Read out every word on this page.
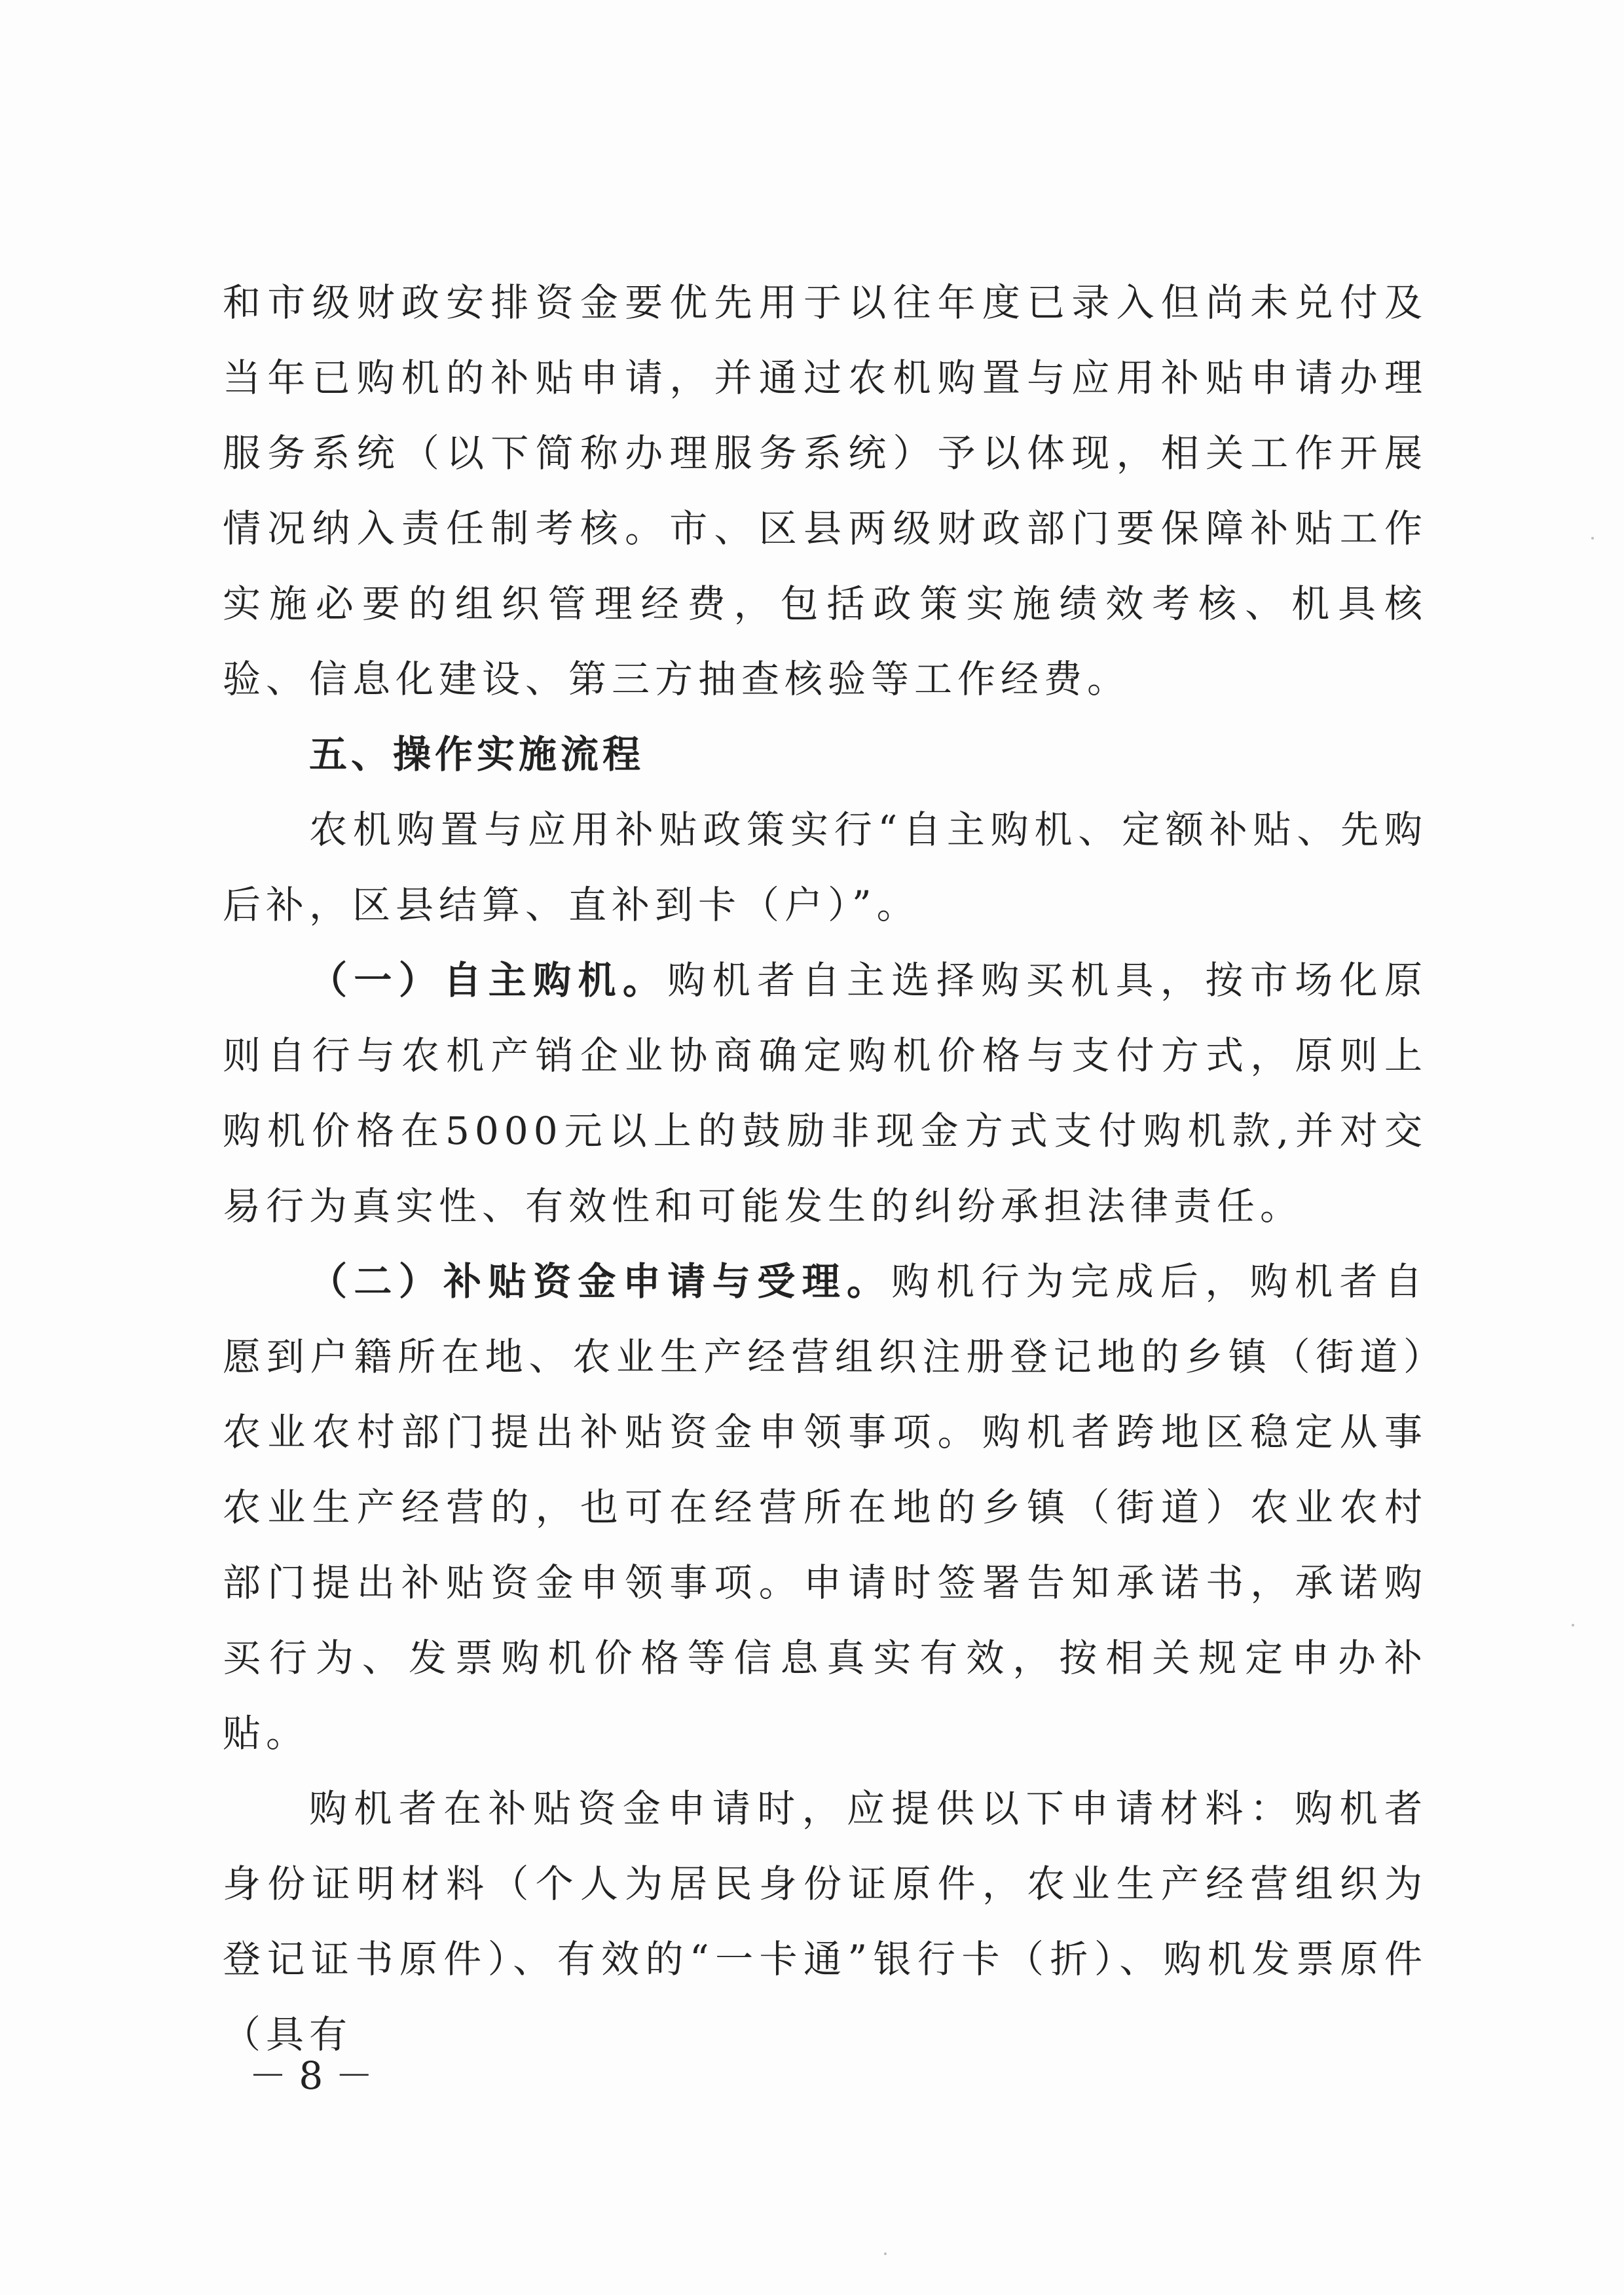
和市级财政安排资金要优先用于以往年度已录入但尚未兑付及当年已购机的补贴申请，并通过农机购置与应用补贴申请办理服务系统（以下简称办理服务系统）予以体现，相关工作开展情况纳入责任制考核。市、区县两级财政部门要保障补贴工作实施必要的组织管理经费，包括政策实施绩效考核、机具核验、信息化建设、第三方抽查核验等工作经费。

五、操作实施流程

农机购置与应用补贴政策实行“自主购机、定额补贴、先购后补，区县结算、直补到卡（户）”。

（一）自主购机。购机者自主选择购买机具，按市场化原则自行与农机产销企业协商确定购机价格与支付方式，原则上购机价格在5000元以上的鼓励非现金方式支付购机款,并对交易行为真实性、有效性和可能发生的纠纷承担法律责任。

（二）补贴资金申请与受理。购机行为完成后，购机者自愿到户籍所在地、农业生产经营组织注册登记地的乡镇（街道）农业农村部门提出补贴资金申领事项。购机者跨地区稳定从事农业生产经营的，也可在经营所在地的乡镇（街道）农业农村部门提出补贴资金申领事项。申请时签署告知承诺书，承诺购买行为、发票购机价格等信息真实有效，按相关规定申办补贴。

购机者在补贴资金申请时，应提供以下申请材料：购机者身份证明材料（个人为居民身份证原件，农业生产经营组织为登记证书原件）、有效的“一卡通”银行卡（折）、购机发票原件（具有

－ 8 －
